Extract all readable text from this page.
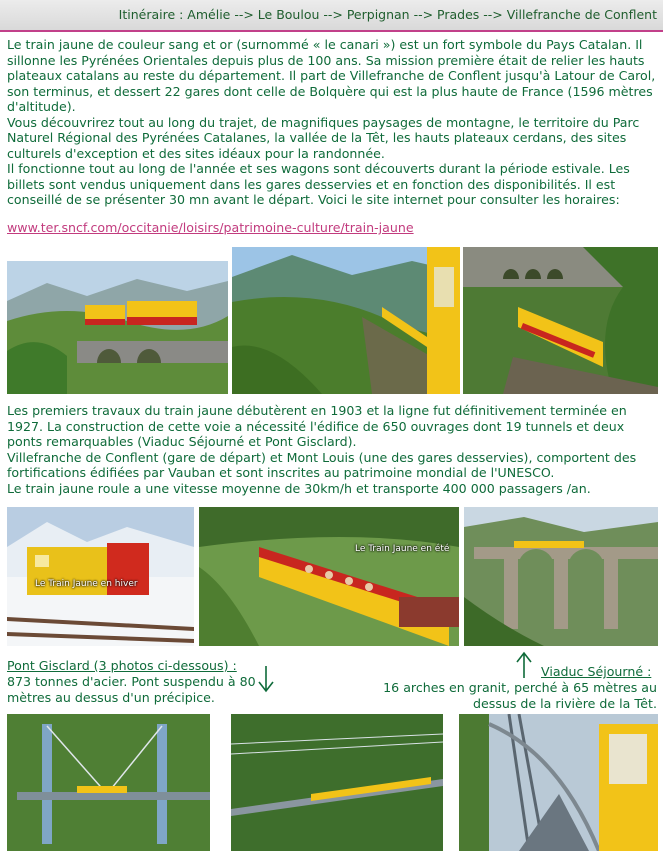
Itinéraire : Amélie --> Le Boulou --> Perpignan --> Prades --> Villefranche de Conflent
Le train jaune de couleur sang et or (surnommé « le canari ») est un fort symbole du Pays Catalan. Il sillonne les Pyrénées Orientales depuis plus de 100 ans. Sa mission première était de relier les hauts plateaux catalans au reste du département. Il part de Villefranche de Conflent jusqu'à Latour de Carol, son terminus, et dessert 22 gares dont celle de Bolquère qui est la plus haute de France (1596 mètres d'altitude).
Vous découvrirez tout au long du trajet, de magnifiques paysages de montagne, le territoire du Parc Naturel Régional des Pyrénées Catalanes, la vallée de la Têt, les hauts plateaux cerdans, des sites culturels d'exception et des sites idéaux pour la randonnée.
Il fonctionne tout au long de l'année et ses wagons sont découverts durant la période estivale. Les billets sont vendus uniquement dans les gares desservies et en fonction des disponibilités. Il est conseillé de se présenter 30 mn avant le départ. Voici le site internet pour consulter les horaires:
www.ter.sncf.com/occitanie/loisirs/patrimoine-culture/train-jaune
Les premiers travaux du train jaune débutèrent en 1903 et la ligne fut définitivement terminée en 1927. La construction de cette voie a nécessité l'édifice de 650 ouvrages dont 19 tunnels et deux ponts remarquables (Viaduc Séjourné et Pont Gisclard).
Villefranche de Conflent (gare de départ) et Mont Louis (une des gares desservies), comportent des fortifications édifiées par Vauban et sont inscrites au patrimoine mondial de l'UNESCO.
Le train jaune roule a une vitesse moyenne de 30km/h et transporte 400 000 passagers /an.
Le Train Jaune en hiver
Le Train Jaune en été
Pont Gisclard (3 photos ci-dessous) :
873 tonnes d'acier. Pont suspendu à 80 mètres au dessus d'un précipice.
Viaduc Séjourné :
16 arches en granit, perché à 65 mètres au dessus de la rivière de la Têt.
